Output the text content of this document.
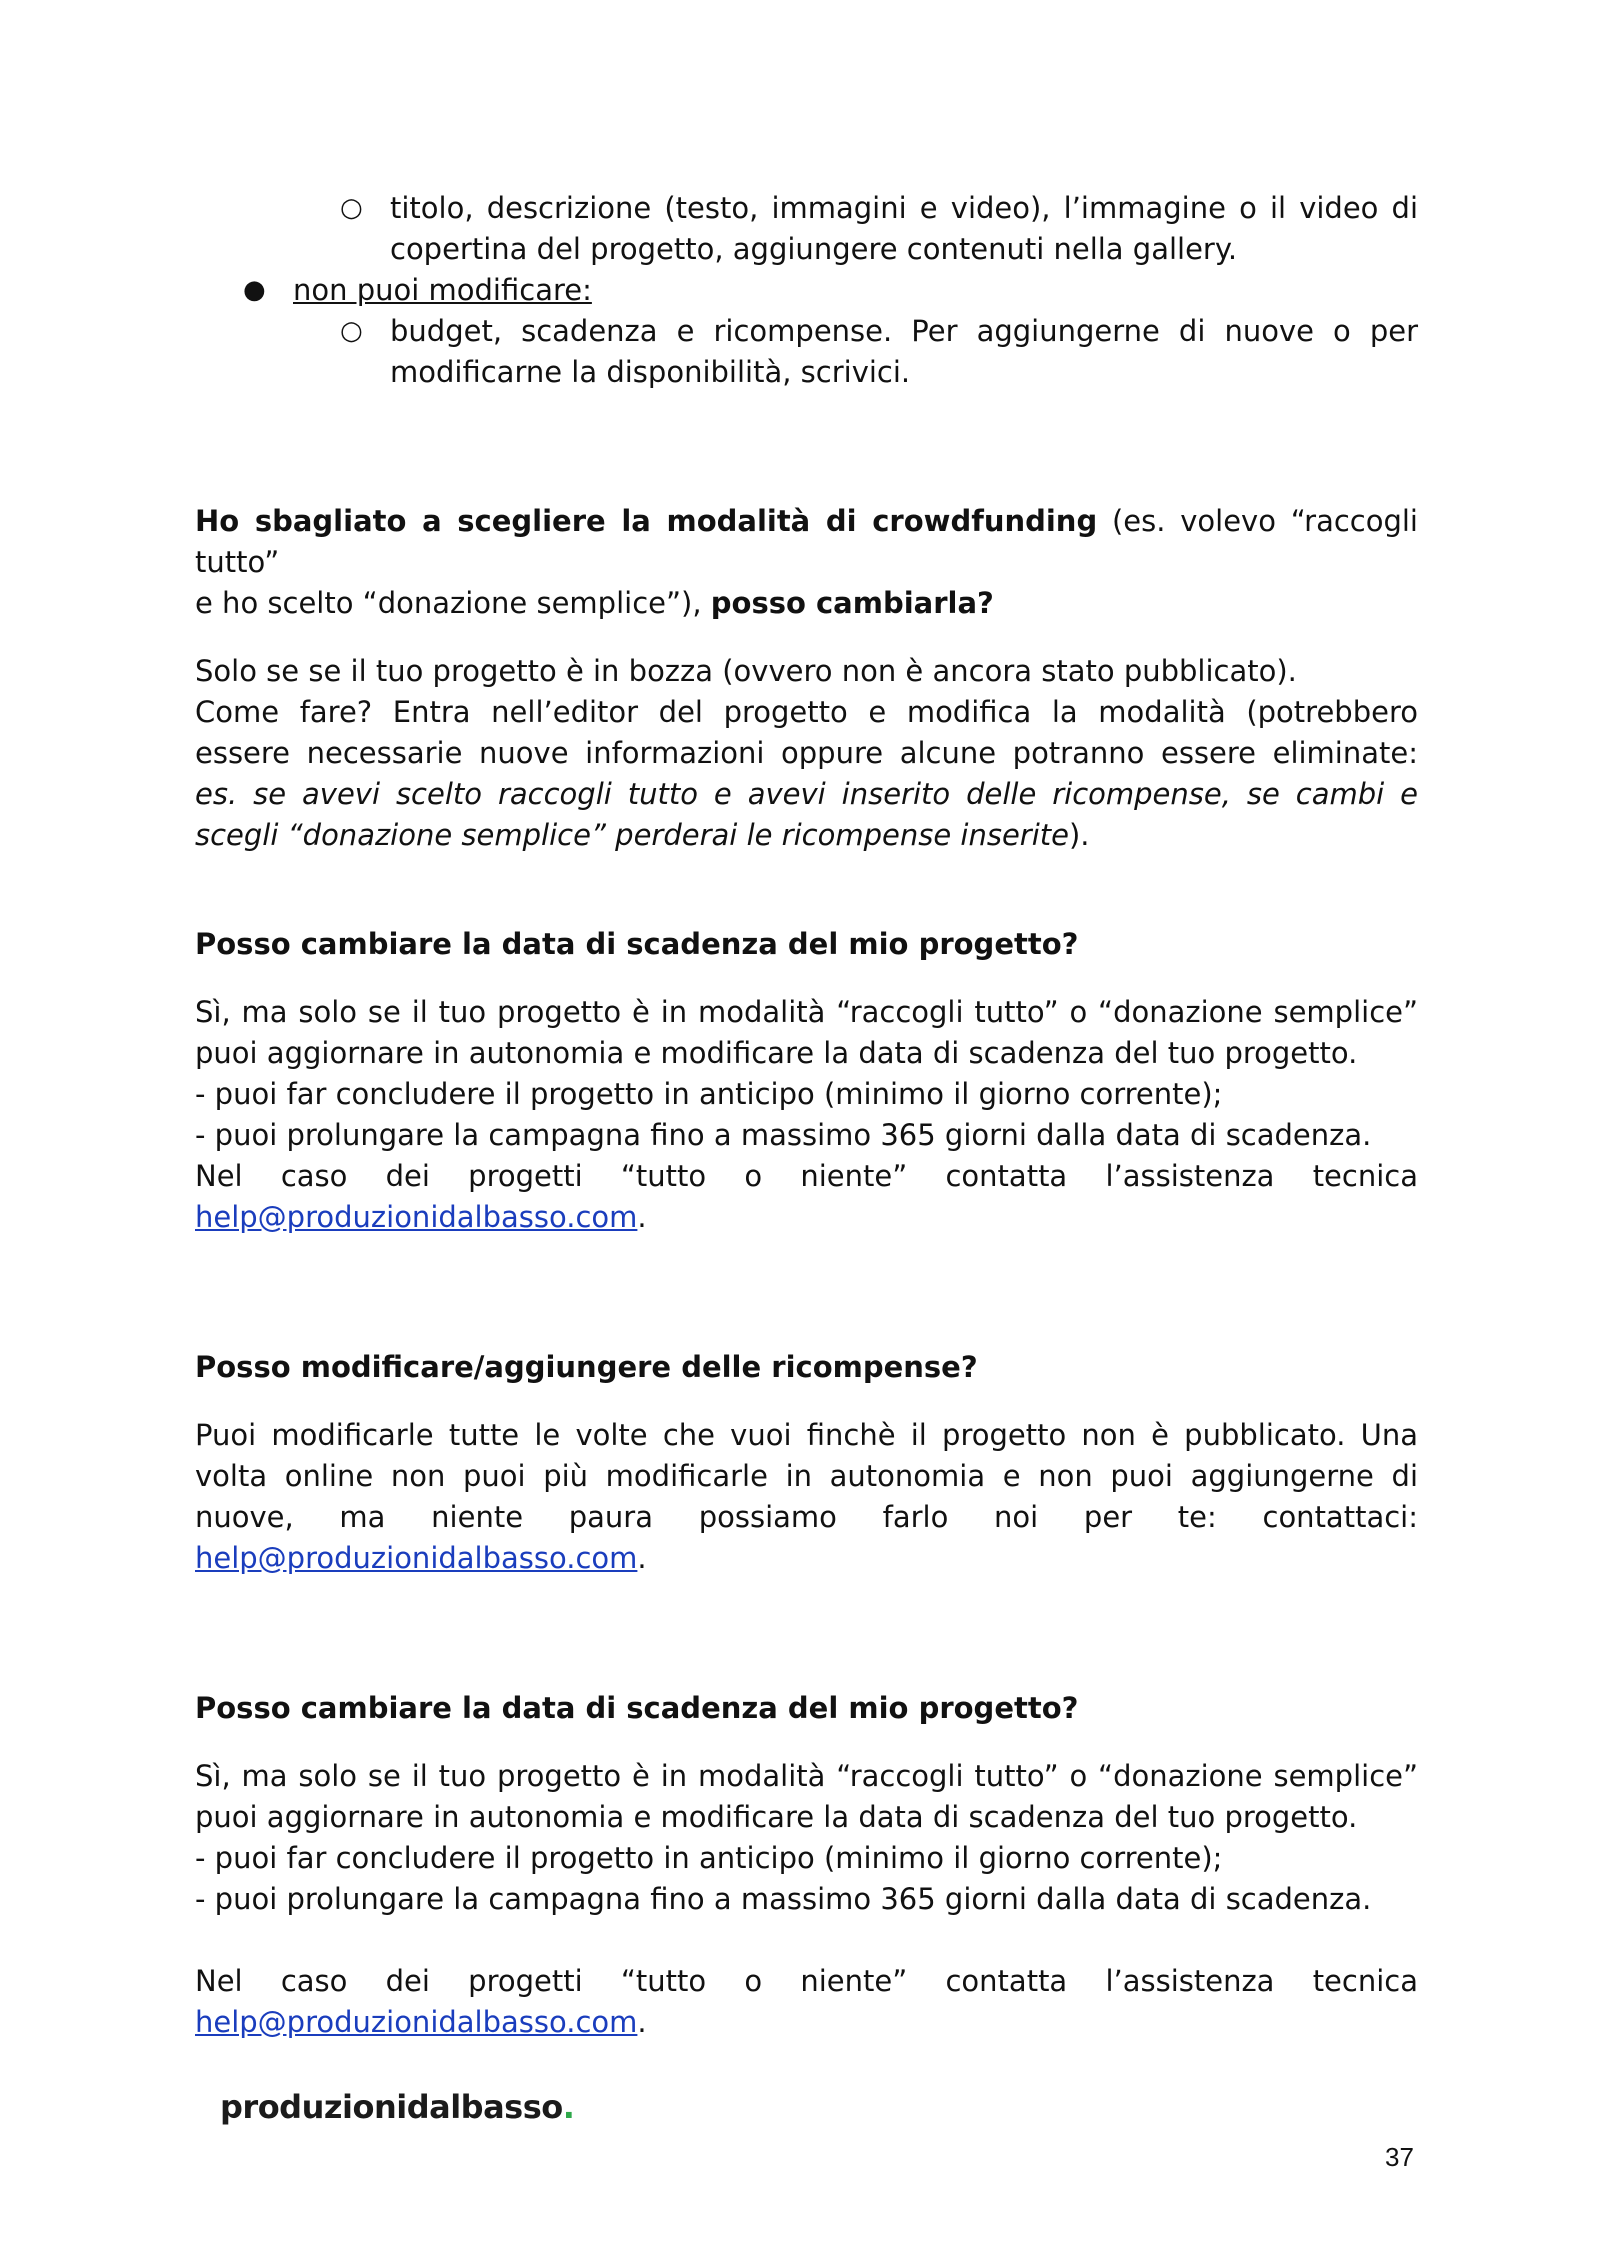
○ titolo, descrizione (testo, immagini e video), l’immagine o il video di
copertina del progetto, aggiungere contenuti nella gallery.
● non puoi modificare:
○ budget, scadenza e ricompense. Per aggiungerne di nuove o per
modificarne la disponibilità, scrivici.

Ho sbagliato a scegliere la modalità di crowdfunding (es. volevo “raccogli tutto”

e ho scelto “donazione semplice”), posso cambiarla?

Solo se se il tuo progetto è in bozza (ovvero non è ancora stato pubblicato).

Come fare? Entra nell’editor del progetto e modifica la modalità (potrebbero

essere necessarie nuove informazioni oppure alcune potranno essere eliminate:

es. se avevi scelto raccogli tutto e avevi inserito delle ricompense, se cambi e

scegli “donazione semplice” perderai le ricompense inserite).

Posso cambiare la data di scadenza del mio progetto?

Sì, ma solo se il tuo progetto è in modalità “raccogli tutto” o “donazione semplice”

puoi aggiornare in autonomia e modificare la data di scadenza del tuo progetto.

- puoi far concludere il progetto in anticipo (minimo il giorno corrente);

- puoi prolungare la campagna fino a massimo 365 giorni dalla data di scadenza.

Nel caso dei progetti “tutto o niente” contatta l’assistenza tecnica

help@produzionidalbasso.com.

Posso modificare/aggiungere delle ricompense?

Puoi modificarle tutte le volte che vuoi finchè il progetto non è pubblicato. Una

volta online non puoi più modificarle in autonomia e non puoi aggiungerne di

nuove, ma niente paura possiamo farlo noi per te: contattaci:

help@produzionidalbasso.com.

Posso cambiare la data di scadenza del mio progetto?

Sì, ma solo se il tuo progetto è in modalità “raccogli tutto” o “donazione semplice”

puoi aggiornare in autonomia e modificare la data di scadenza del tuo progetto.

- puoi far concludere il progetto in anticipo (minimo il giorno corrente);

- puoi prolungare la campagna fino a massimo 365 giorni dalla data di scadenza.

Nel caso dei progetti “tutto o niente” contatta l’assistenza tecnica

help@produzionidalbasso.com.

produzionidalbasso.
37
